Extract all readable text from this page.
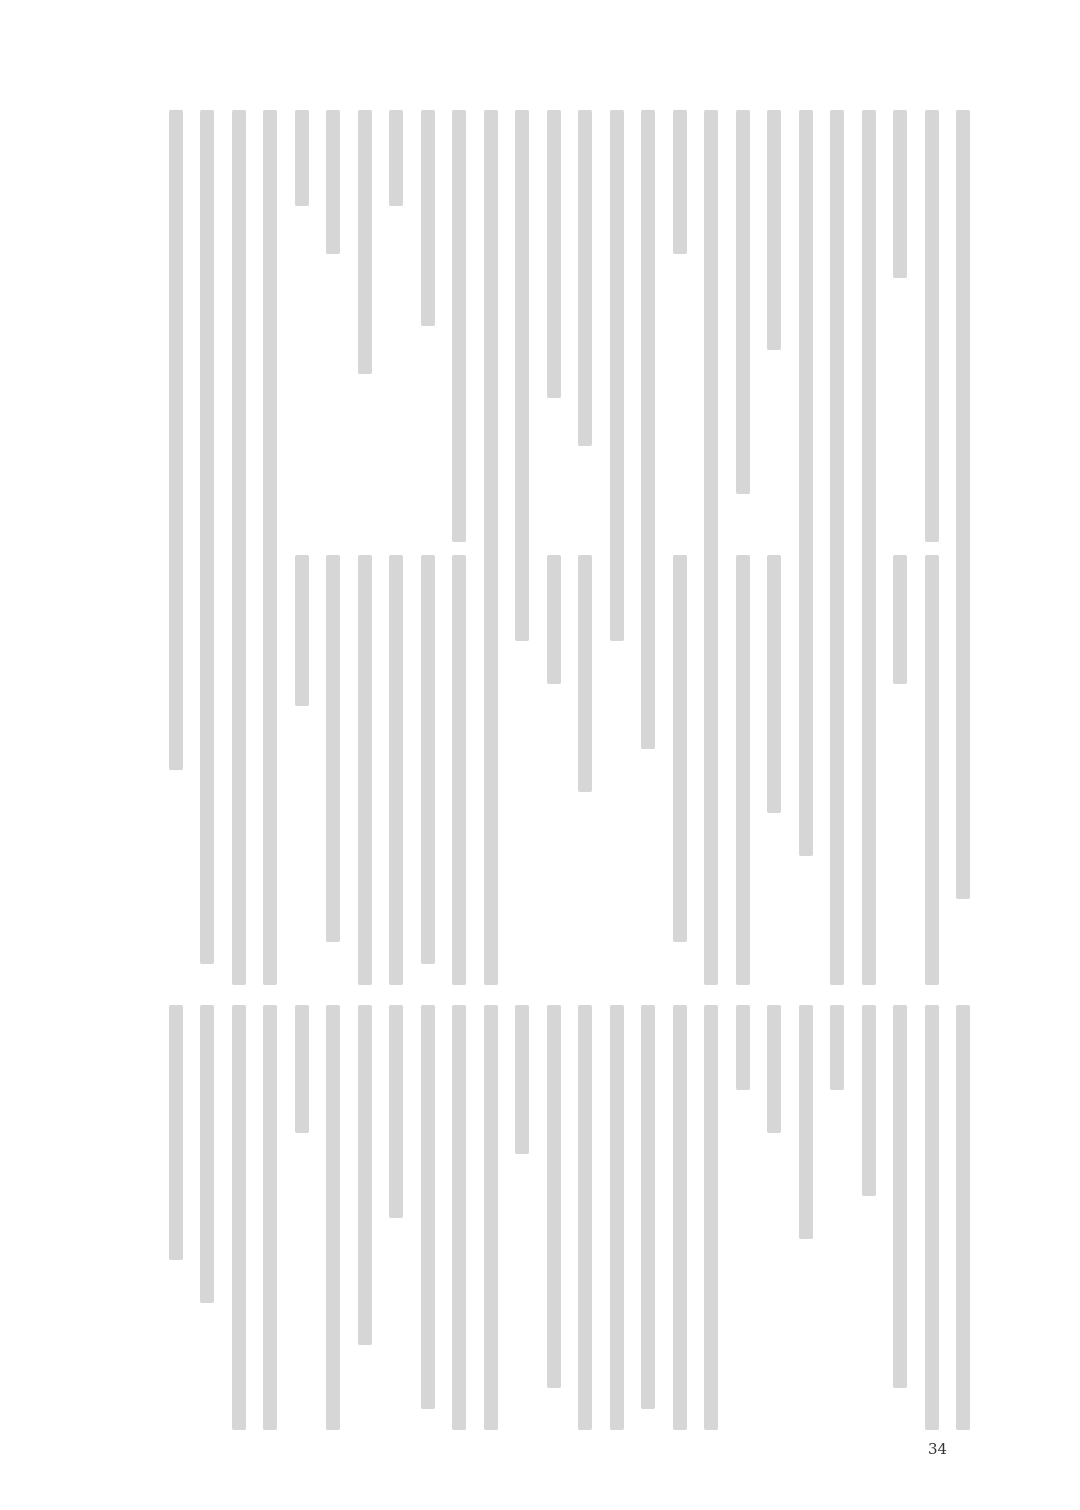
34
